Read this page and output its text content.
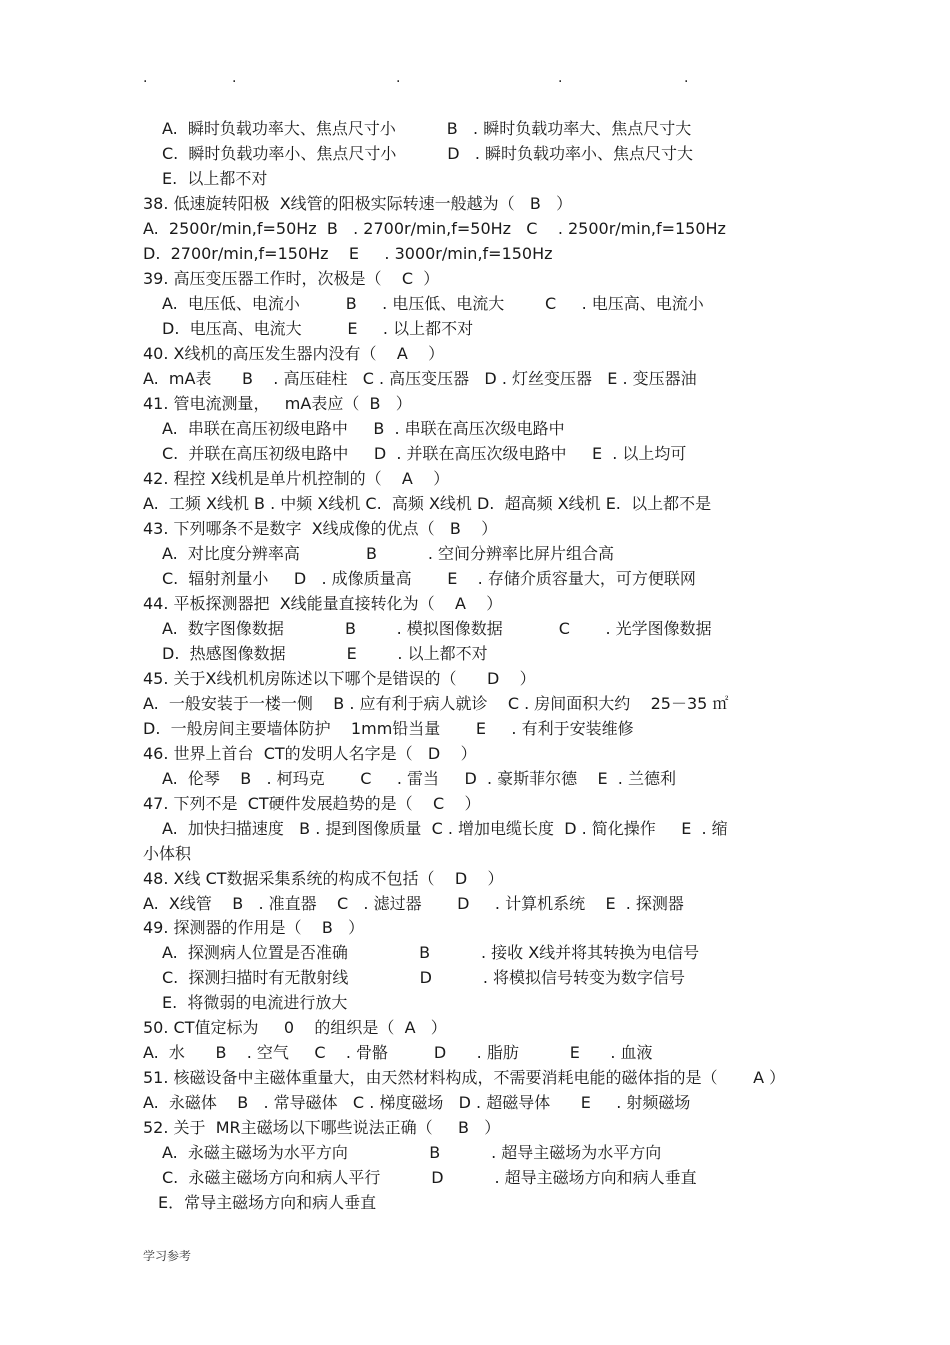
.	.	.	.	.
A.  瞬时负载功率大、焦点尺寸小          B   . 瞬时负载功率大、焦点尺寸大
C.  瞬时负载功率小、焦点尺寸小          D   . 瞬时负载功率小、焦点尺寸大
E.  以上都不对
38. 低速旋转阳极  X线管的阳极实际转速一般越为（   B   ）
A.  2500r/min,f=50Hz  B   . 2700r/min,f=50Hz   C    . 2500r/min,f=150Hz
D.  2700r/min,f=150Hz    E     . 3000r/min,f=150Hz
39. 高压变压器工作时，次极是（    C  ）
A.  电压低、电流小         B     . 电压低、电流大        C     . 电压高、电流小
D.  电压高、电流大         E     . 以上都不对
40. X线机的高压发生器内没有（    A    ）
A.  mA表      B    . 高压硅柱   C . 高压变压器   D . 灯丝变压器   E . 变压器油
41. 管电流测量，   mA表应（  B   ）
A.  串联在高压初级电路中     B  . 串联在高压次级电路中
C.  并联在高压初级电路中     D  . 并联在高压次级电路中     E  . 以上均可
42. 程控 X线机是单片机控制的（    A    ）
A.  工频 X线机 B . 中频 X线机 C.  高频 X线机 D.  超高频 X线机 E.  以上都不是
43. 下列哪条不是数字  X线成像的优点（   B    ）
A.  对比度分辨率高             B          . 空间分辨率比屏片组合高
C.  辐射剂量小     D   . 成像质量高       E    . 存储介质容量大，可方便联网
44. 平板探测器把  X线能量直接转化为（    A    ）
A.  数字图像数据            B        . 模拟图像数据           C       . 光学图像数据
D.  热感图像数据            E        . 以上都不对
45. 关于X线机机房陈述以下哪个是错误的（      D    ）
A.  一般安装于一楼一侧    B . 应有利于病人就诊    C . 房间面积大约    25－35 ㎡
D.  一般房间主要墙体防护    1mm铅当量       E     . 有利于安装维修
46. 世界上首台  CT的发明人名字是（   D    ）
A.  伦琴    B   . 柯玛克       C     . 雷当     D  . 豪斯菲尔德    E  . 兰德利
47. 下列不是  CT硬件发展趋势的是（    C    ）
A.  加快扫描速度   B . 提到图像质量  C . 增加电缆长度  D . 简化操作     E  . 缩
小体积
48. X线 CT数据采集系统的构成不包括（    D    ）
A.  X线管    B   . 准直器    C   . 滤过器       D     . 计算机系统    E  . 探测器
49. 探测器的作用是（    B   ）
A.  探测病人位置是否准确              B          . 接收 X线并将其转换为电信号
C.  探测扫描时有无散射线              D          . 将模拟信号转变为数字信号
E.  将微弱的电流进行放大
50. CT值定标为     0    的组织是（  A   ）
A.  水      B    . 空气     C    . 骨骼         D      . 脂肪          E      . 血液
51. 核磁设备中主磁体重量大，由天然材料构成，不需要消耗电能的磁体指的是（       A ）
A.  永磁体    B   . 常导磁体   C . 梯度磁场   D . 超磁导体      E     . 射频磁场
52. 关于  MR主磁场以下哪些说法正确（     B   ）
A.  永磁主磁场为水平方向                B          . 超导主磁场为水平方向
C.  永磁主磁场方向和病人平行          D          . 超导主磁场方向和病人垂直
E．常导主磁场方向和病人垂直
学习参考
